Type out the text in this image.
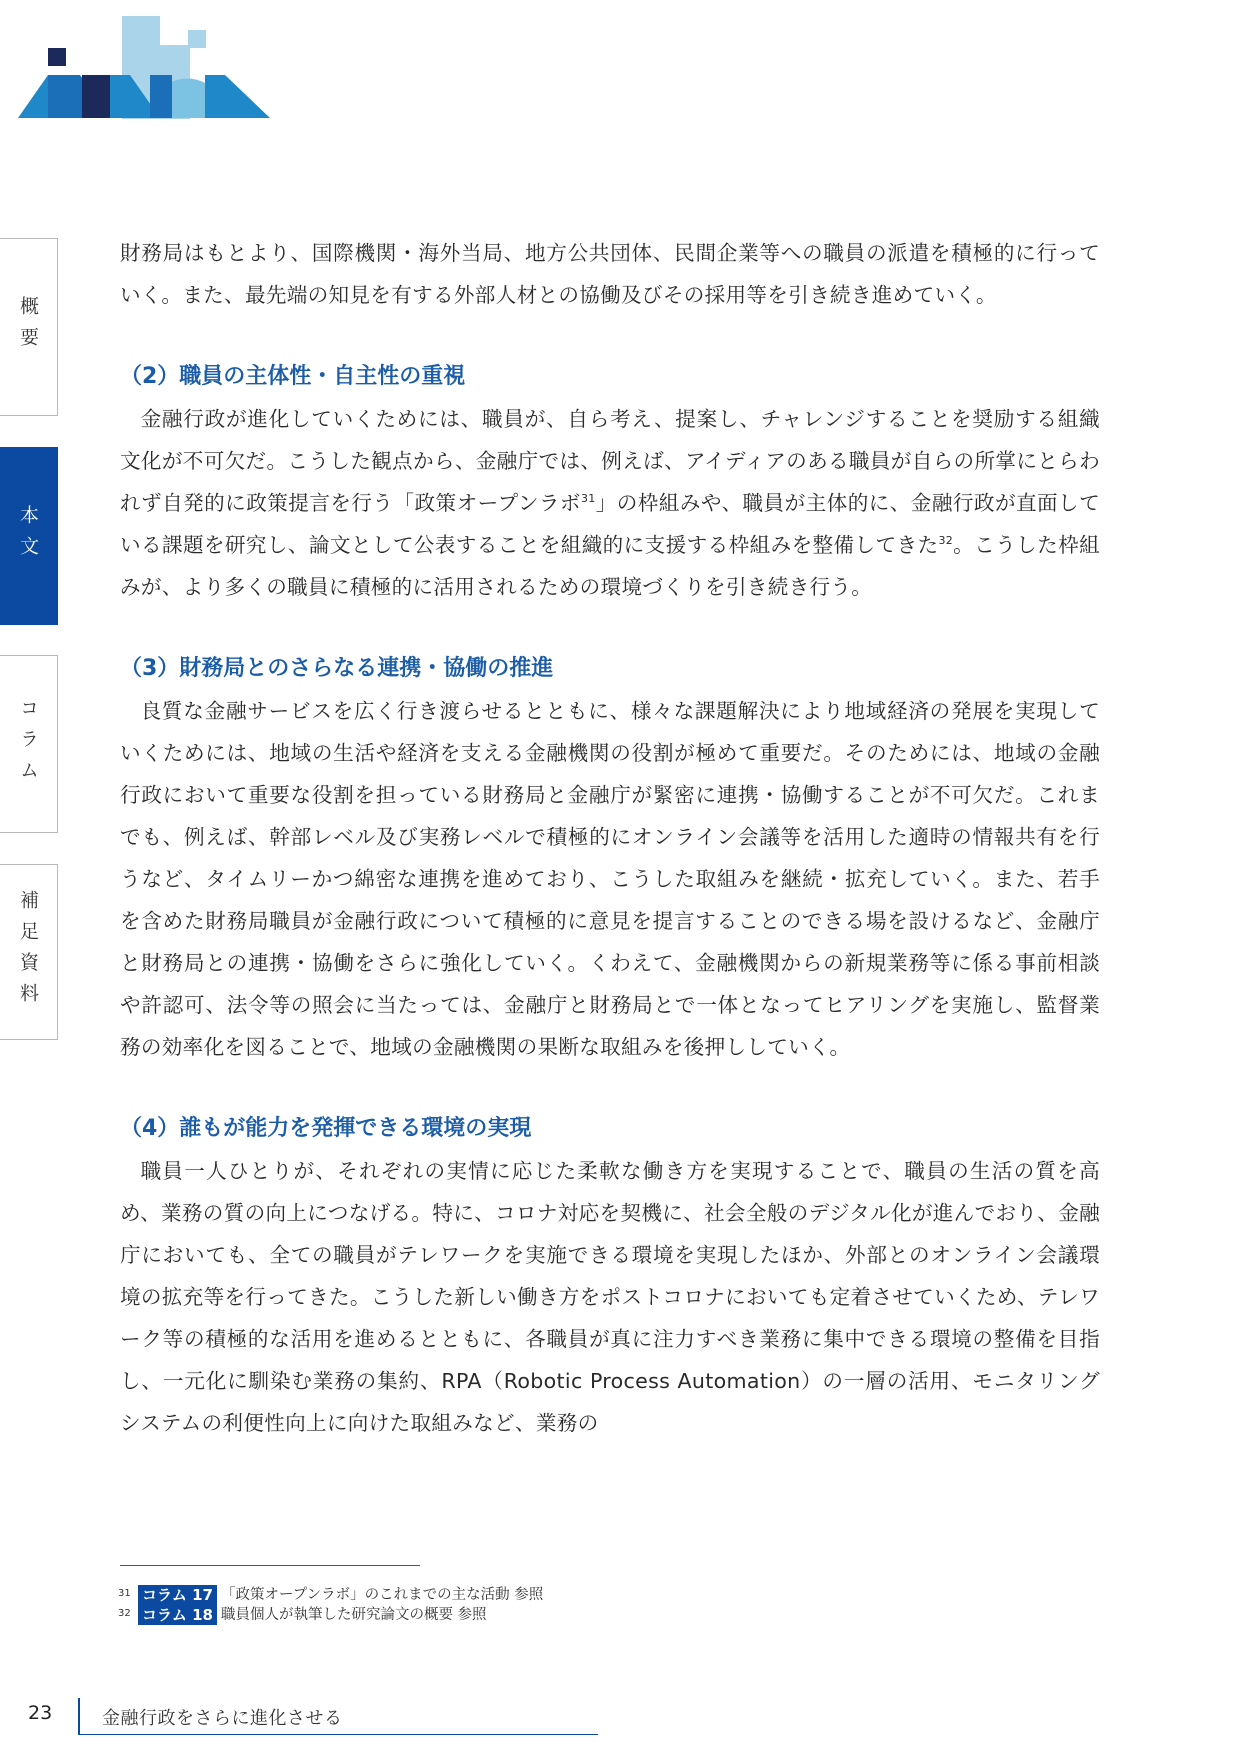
概要
本文
コラム
補足資料

財務局はもとより、国際機関・海外当局、地方公共団体、民間企業等への職員の派遣を積極的に行っていく。また、最先端の知見を有する外部人材との協働及びその採用等を引き続き進めていく。

（2）職員の主体性・自主性の重視

金融行政が進化していくためには、職員が、自ら考え、提案し、チャレンジすることを奨励する組織文化が不可欠だ。こうした観点から、金融庁では、例えば、アイディアのある職員が自らの所掌にとらわれず自発的に政策提言を行う「政策オープンラボ$^{31}$」の枠組みや、職員が主体的に、金融行政が直面している課題を研究し、論文として公表することを組織的に支援する枠組みを整備してきた$^{32}$。こうした枠組みが、より多くの職員に積極的に活用されるための環境づくりを引き続き行う。

（3）財務局とのさらなる連携・協働の推進

良質な金融サービスを広く行き渡らせるとともに、様々な課題解決により地域経済の発展を実現していくためには、地域の生活や経済を支える金融機関の役割が極めて重要だ。そのためには、地域の金融行政において重要な役割を担っている財務局と金融庁が緊密に連携・協働することが不可欠だ。これまでも、例えば、幹部レベル及び実務レベルで積極的にオンライン会議等を活用した適時の情報共有を行うなど、タイムリーかつ綿密な連携を進めており、こうした取組みを継続・拡充していく。また、若手を含めた財務局職員が金融行政について積極的に意見を提言することのできる場を設けるなど、金融庁と財務局との連携・協働をさらに強化していく。くわえて、金融機関からの新規業務等に係る事前相談や許認可、法令等の照会に当たっては、金融庁と財務局とで一体となってヒアリングを実施し、監督業務の効率化を図ることで、地域の金融機関の果断な取組みを後押ししていく。

（4）誰もが能力を発揮できる環境の実現

職員一人ひとりが、それぞれの実情に応じた柔軟な働き方を実現することで、職員の生活の質を高め、業務の質の向上につなげる。特に、コロナ対応を契機に、社会全般のデジタル化が進んでおり、金融庁においても、全ての職員がテレワークを実施できる環境を実現したほか、外部とのオンライン会議環境の拡充等を行ってきた。こうした新しい働き方をポストコロナにおいても定着させていくため、テレワーク等の積極的な活用を進めるとともに、各職員が真に注力すべき業務に集中できる環境の整備を目指し、一元化に馴染む業務の集約、RPA（Robotic Process Automation）の一層の活用、モニタリングシステムの利便性向上に向けた取組みなど、業務の

31 コラム 17 「政策オープンラボ」のこれまでの主な活動 参照
32 コラム 18 職員個人が執筆した研究論文の概要 参照
23	金融行政をさらに進化させる
